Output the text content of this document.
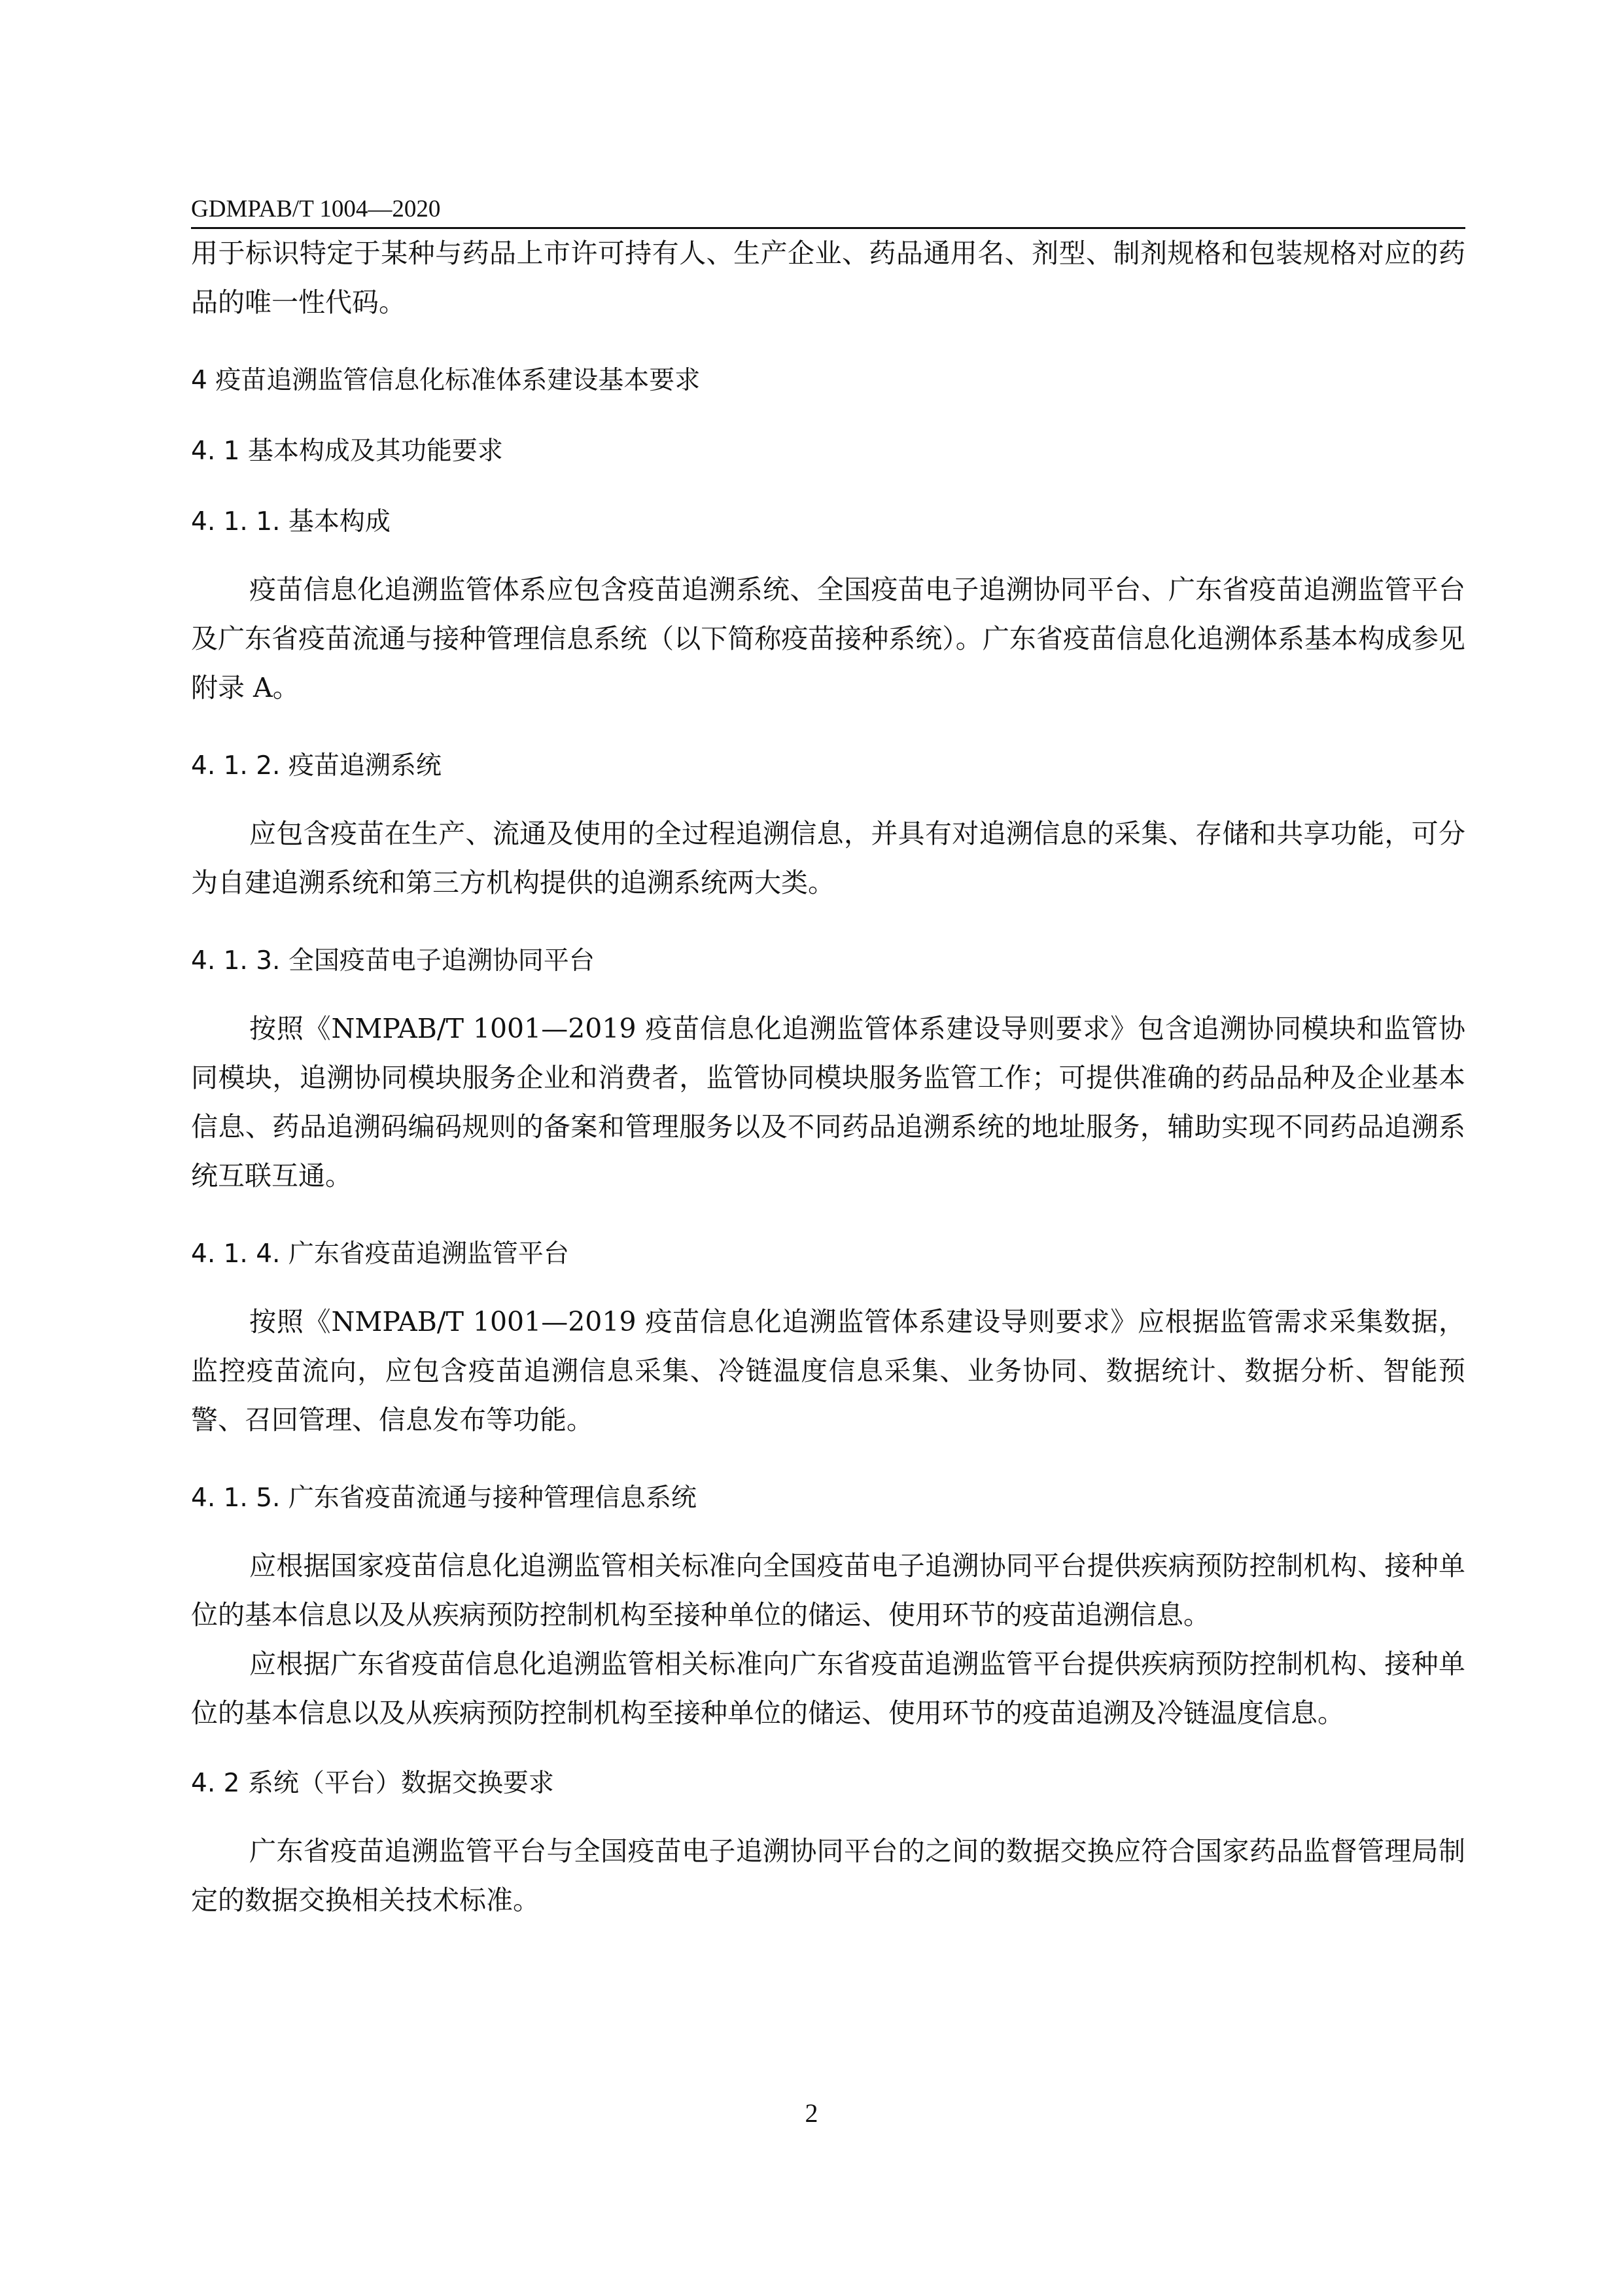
GDMPAB/T 1004—2020

用于标识特定于某种与药品上市许可持有人、生产企业、药品通用名、剂型、制剂规格和包装规格对应的药品的唯一性代码。

4 疫苗追溯监管信息化标准体系建设基本要求

4. 1 基本构成及其功能要求

4. 1. 1. 基本构成

疫苗信息化追溯监管体系应包含疫苗追溯系统、全国疫苗电子追溯协同平台、广东省疫苗追溯监管平台及广东省疫苗流通与接种管理信息系统（以下简称疫苗接种系统）。广东省疫苗信息化追溯体系基本构成参见附录 A。

4. 1. 2. 疫苗追溯系统

应包含疫苗在生产、流通及使用的全过程追溯信息，并具有对追溯信息的采集、存储和共享功能，可分为自建追溯系统和第三方机构提供的追溯系统两大类。

4. 1. 3. 全国疫苗电子追溯协同平台

按照《NMPAB/T 1001—2019 疫苗信息化追溯监管体系建设导则要求》包含追溯协同模块和监管协同模块，追溯协同模块服务企业和消费者，监管协同模块服务监管工作；可提供准确的药品品种及企业基本信息、药品追溯码编码规则的备案和管理服务以及不同药品追溯系统的地址服务，辅助实现不同药品追溯系统互联互通。

4. 1. 4. 广东省疫苗追溯监管平台

按照《NMPAB/T 1001—2019 疫苗信息化追溯监管体系建设导则要求》应根据监管需求采集数据，监控疫苗流向，应包含疫苗追溯信息采集、冷链温度信息采集、业务协同、数据统计、数据分析、智能预警、召回管理、信息发布等功能。

4. 1. 5. 广东省疫苗流通与接种管理信息系统

应根据国家疫苗信息化追溯监管相关标准向全国疫苗电子追溯协同平台提供疾病预防控制机构、接种单位的基本信息以及从疾病预防控制机构至接种单位的储运、使用环节的疫苗追溯信息。

应根据广东省疫苗信息化追溯监管相关标准向广东省疫苗追溯监管平台提供疾病预防控制机构、接种单位的基本信息以及从疾病预防控制机构至接种单位的储运、使用环节的疫苗追溯及冷链温度信息。

4. 2 系统（平台）数据交换要求

广东省疫苗追溯监管平台与全国疫苗电子追溯协同平台的之间的数据交换应符合国家药品监督管理局制定的数据交换相关技术标准。

2
